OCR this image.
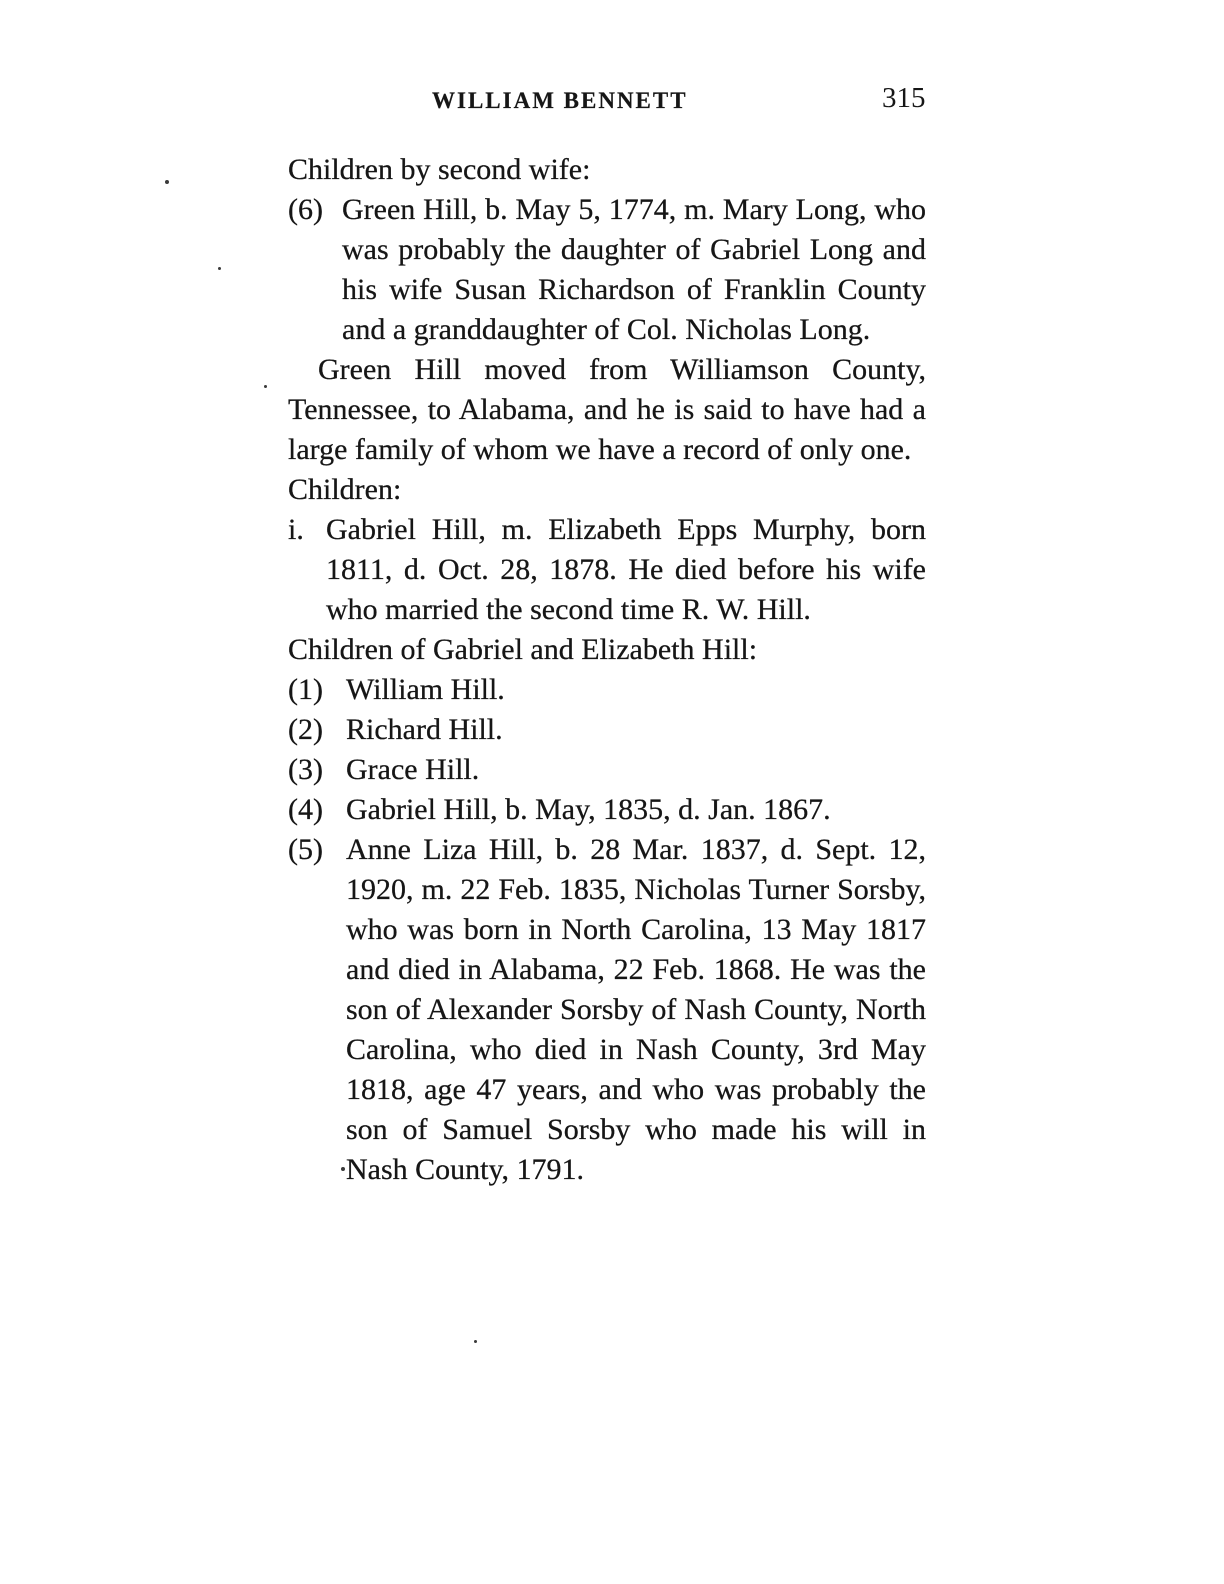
WILLIAM BENNETT	315
Children by second wife:
(6) Green Hill, b. May 5, 1774, m. Mary Long, who was probably the daughter of Gabriel Long and his wife Susan Richardson of Franklin County and a granddaughter of Col. Nicholas Long.
Green Hill moved from Williamson County, Tennessee, to Alabama, and he is said to have had a large family of whom we have a record of only one.
Children:
i. Gabriel Hill, m. Elizabeth Epps Murphy, born 1811, d. Oct. 28, 1878. He died before his wife who married the second time R. W. Hill.
Children of Gabriel and Elizabeth Hill:
(1) William Hill.
(2) Richard Hill.
(3) Grace Hill.
(4) Gabriel Hill, b. May, 1835, d. Jan. 1867.
(5) Anne Liza Hill, b. 28 Mar. 1837, d. Sept. 12, 1920, m. 22 Feb. 1835, Nicholas Turner Sorsby, who was born in North Carolina, 13 May 1817 and died in Alabama, 22 Feb. 1868. He was the son of Alexander Sorsby of Nash County, North Carolina, who died in Nash County, 3rd May 1818, age 47 years, and who was probably the son of Samuel Sorsby who made his will in Nash County, 1791.
